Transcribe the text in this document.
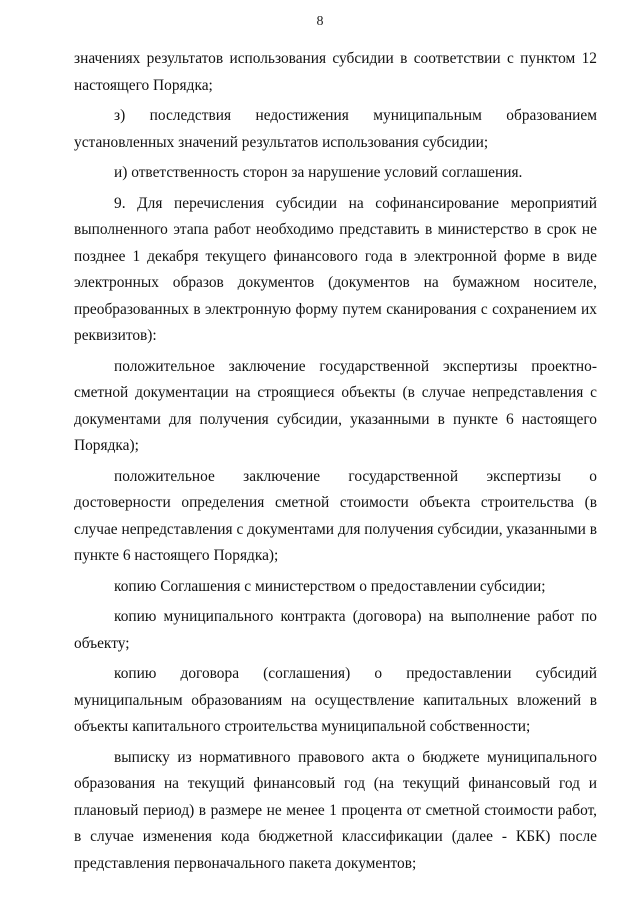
8

значениях результатов использования субсидии в соответствии с пунктом 12 настоящего Порядка;

з) последствия недостижения муниципальным образованием установленных значений результатов использования субсидии;

и) ответственность сторон за нарушение условий соглашения.

9. Для перечисления субсидии на софинансирование мероприятий выполненного этапа работ необходимо представить в министерство в срок не позднее 1 декабря текущего финансового года в электронной форме в виде электронных образов документов (документов на бумажном носителе, преобразованных в электронную форму путем сканирования с сохранением их реквизитов):

положительное заключение государственной экспертизы проектно-сметной документации на строящиеся объекты (в случае непредставления с документами для получения субсидии, указанными в пункте 6 настоящего Порядка);

положительное заключение государственной экспертизы о достоверности определения сметной стоимости объекта строительства (в случае непредставления с документами для получения субсидии, указанными в пункте 6 настоящего Порядка);

копию Соглашения с министерством о предоставлении субсидии;

копию муниципального контракта (договора) на выполнение работ по объекту;

копию договора (соглашения) о предоставлении субсидий муниципальным образованиям на осуществление капитальных вложений в объекты капитального строительства муниципальной собственности;

выписку из нормативного правового акта о бюджете муниципального образования на текущий финансовый год (на текущий финансовый год и плановый период) в размере не менее 1 процента от сметной стоимости работ, в случае изменения кода бюджетной классификации (далее - КБК) после представления первоначального пакета документов;
